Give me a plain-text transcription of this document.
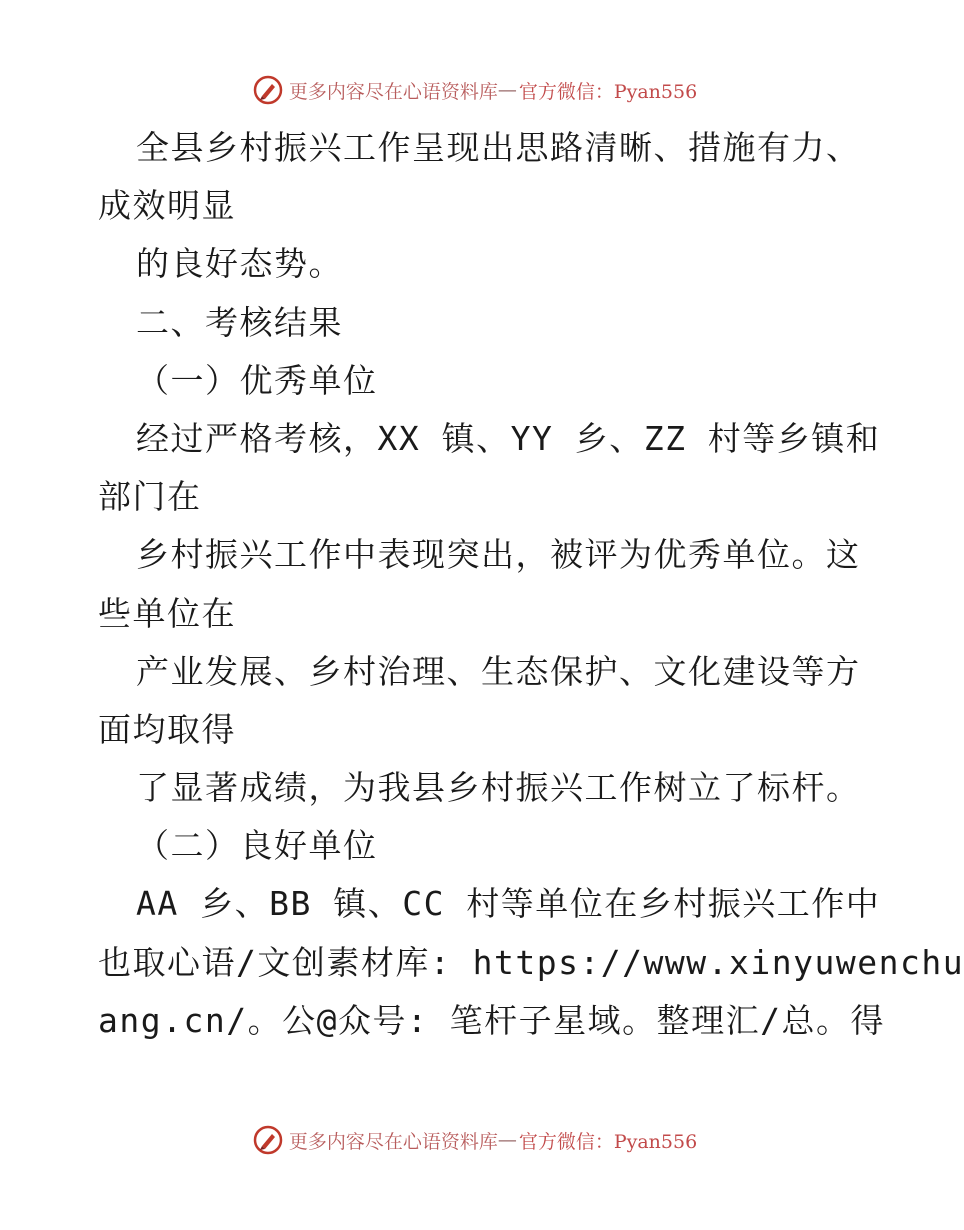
更多内容尽在心语资料库 — 官方微信：Pyan556
全县乡村振兴工作呈现出思路清晰、措施有力、
成效明显
的良好态势。
二、考核结果
（一）优秀单位
经过严格考核，XX 镇、YY 乡、ZZ 村等乡镇和
部门在
乡村振兴工作中表现突出，被评为优秀单位。这
些单位在
产业发展、乡村治理、生态保护、文化建设等方
面均取得
了显著成绩，为我县乡村振兴工作树立了标杆。
（二）良好单位
AA 乡、BB 镇、CC 村等单位在乡村振兴工作中
也取心语/文创素材库: https://www.xinyuwenchu
ang.cn/。公@众号: 笔杆子星域。整理汇/总。得
更多内容尽在心语资料库 — 官方微信：Pyan556
